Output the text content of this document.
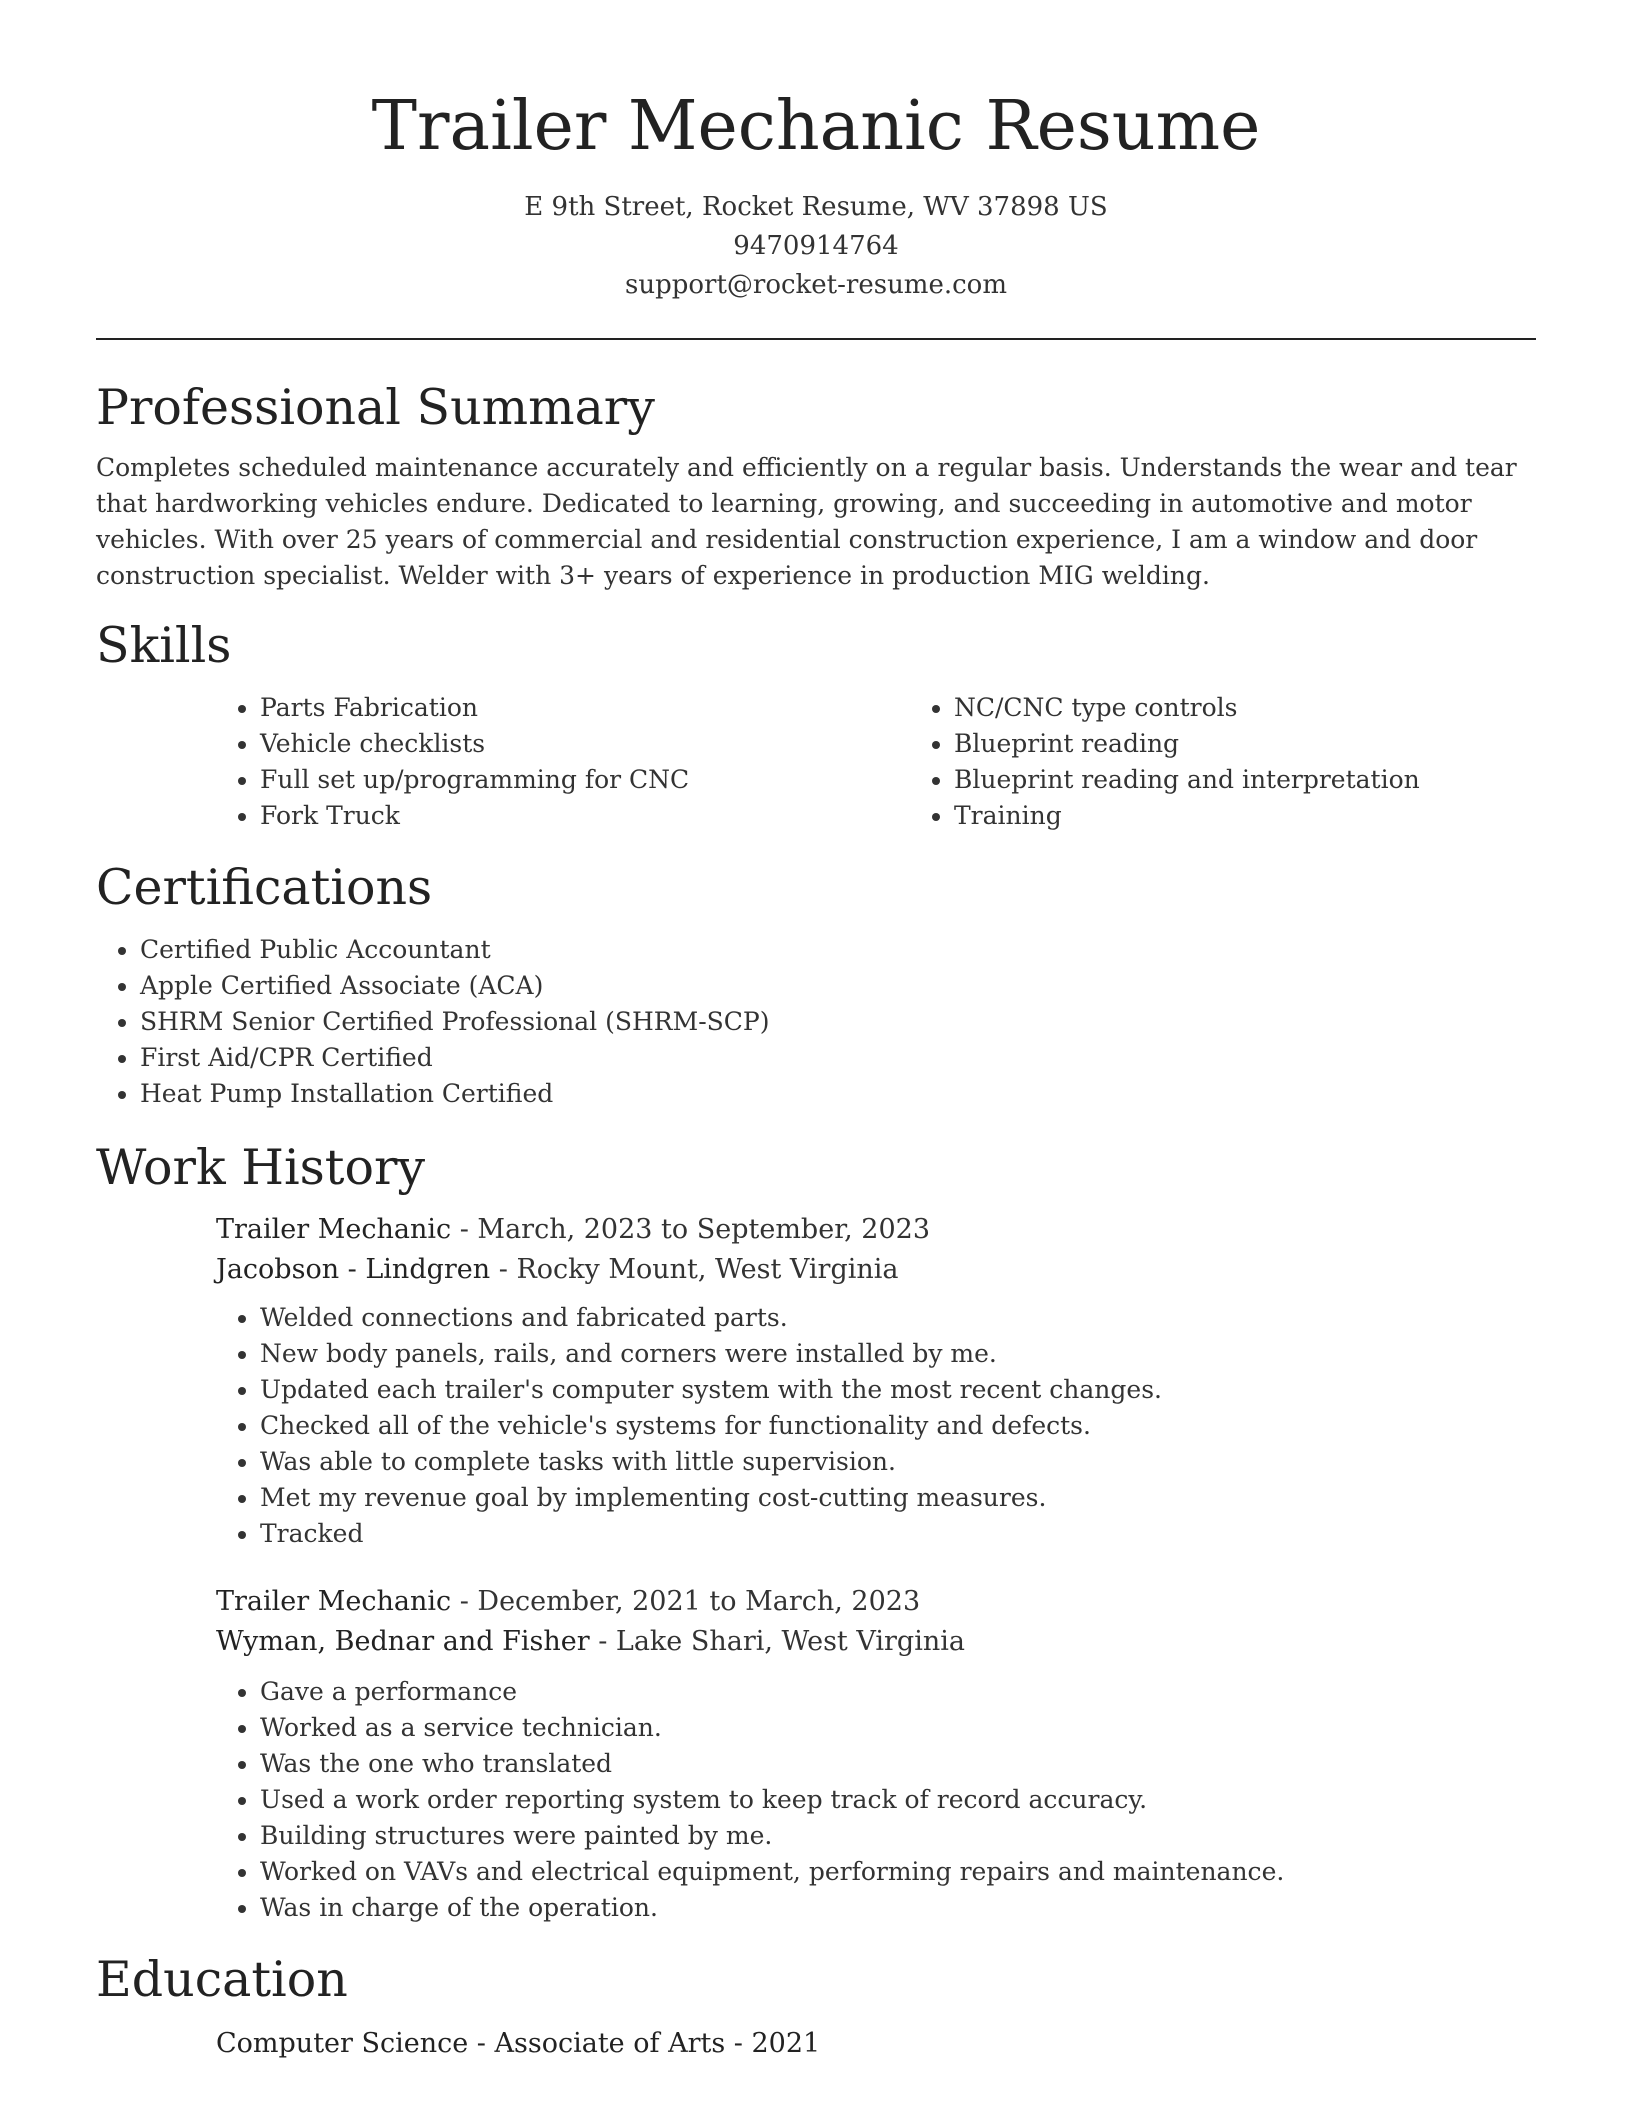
Trailer Mechanic Resume
E 9th Street, Rocket Resume, WV 37898 US
9470914764
support@rocket-resume.com
Professional Summary

Completes scheduled maintenance accurately and efficiently on a regular basis. Understands the wear and tear that hardworking vehicles endure. Dedicated to learning, growing, and succeeding in automotive and motor vehicles. With over 25 years of commercial and residential construction experience, I am a window and door construction specialist. Welder with 3+ years of experience in production MIG welding.

Skills
• Parts Fabrication
• Vehicle checklists
• Full set up/programming for CNC
• Fork Truck
• NC/CNC type controls
• Blueprint reading
• Blueprint reading and interpretation
• Training
Certifications
• Certified Public Accountant
• Apple Certified Associate (ACA)
• SHRM Senior Certified Professional (SHRM-SCP)
• First Aid/CPR Certified
• Heat Pump Installation Certified
Work History
Trailer Mechanic - March, 2023 to September, 2023
Jacobson - Lindgren - Rocky Mount, West Virginia
• Welded connections and fabricated parts.
• New body panels, rails, and corners were installed by me.
• Updated each trailer's computer system with the most recent changes.
• Checked all of the vehicle's systems for functionality and defects.
• Was able to complete tasks with little supervision.
• Met my revenue goal by implementing cost-cutting measures.
• Tracked
Trailer Mechanic - December, 2021 to March, 2023
Wyman, Bednar and Fisher - Lake Shari, West Virginia
• Gave a performance
• Worked as a service technician.
• Was the one who translated
• Used a work order reporting system to keep track of record accuracy.
• Building structures were painted by me.
• Worked on VAVs and electrical equipment, performing repairs and maintenance.
• Was in charge of the operation.
Education
Computer Science - Associate of Arts - 2021
